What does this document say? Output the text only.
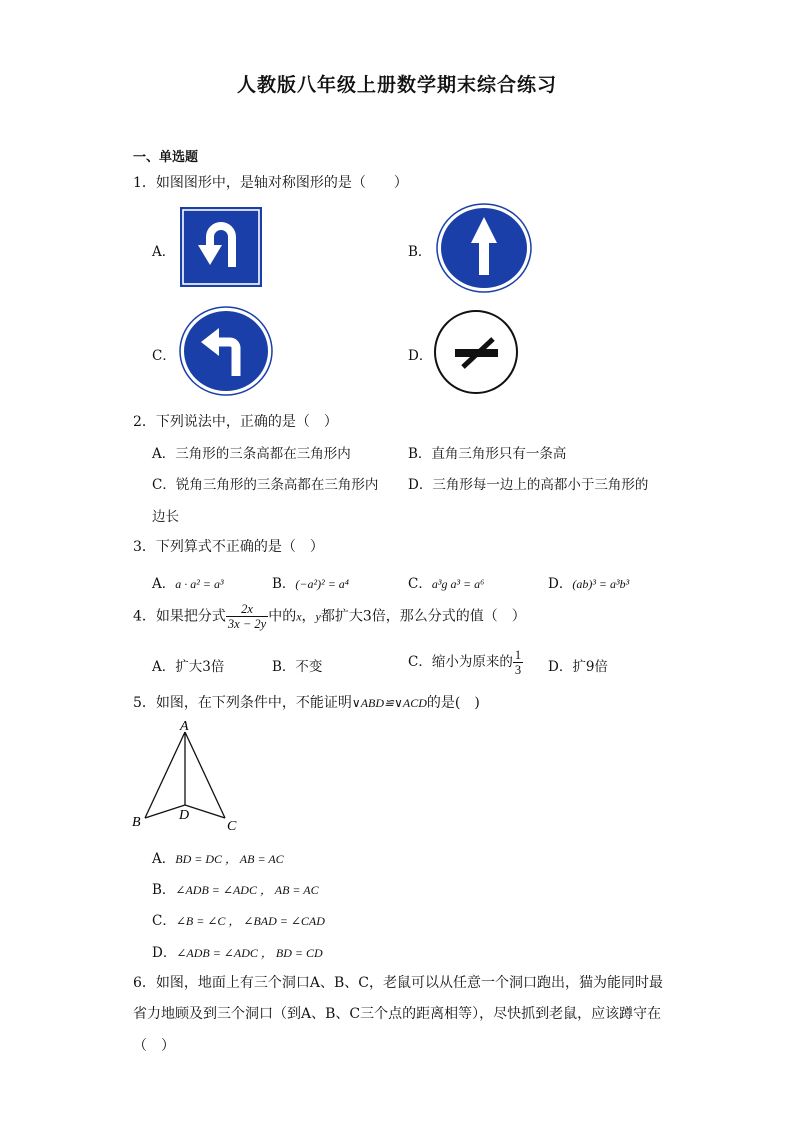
人教版八年级上册数学期末综合练习
一、单选题
1．如图图形中，是轴对称图形的是（　　）
A．	B．
C．	D．
2．下列说法中，正确的是（　）
A．三角形的三条高都在三角形内	B．直角三角形只有一条高
C．锐角三角形的三条高都在三角形内 D．三角形每一边上的高都小于三角形的
边长
3．下列算式不正确的是（　）
A．a · a² = a³	B．(−a²)² = a⁴	C．a³g a³ = a⁶	D．(ab)³ = a³b³
4．如果把分式 $\frac{2x}{3x - 2y}$ 中的x，y都扩大3倍，那么分式的值（　）
A．扩大3倍	B．不变	C．缩小为原来的 $\frac{1}{3}$ D．扩9倍
5．如图，在下列条件中，不能证明∨ABD≌∨ACD的是(　)
A
B	C
D
A．BD = DC ， AB = AC
B．∠ADB = ∠ADC ， AB = AC
C．∠B = ∠C ， ∠BAD = ∠CAD
D．∠ADB = ∠ADC ， BD = CD
6．如图，地面上有三个洞口A、B、C，老鼠可以从任意一个洞口跑出，猫为能同时最
省力地顾及到三个洞口（到A、B、C三个点的距离相等），尽快抓到老鼠，应该蹲守在
（　）
